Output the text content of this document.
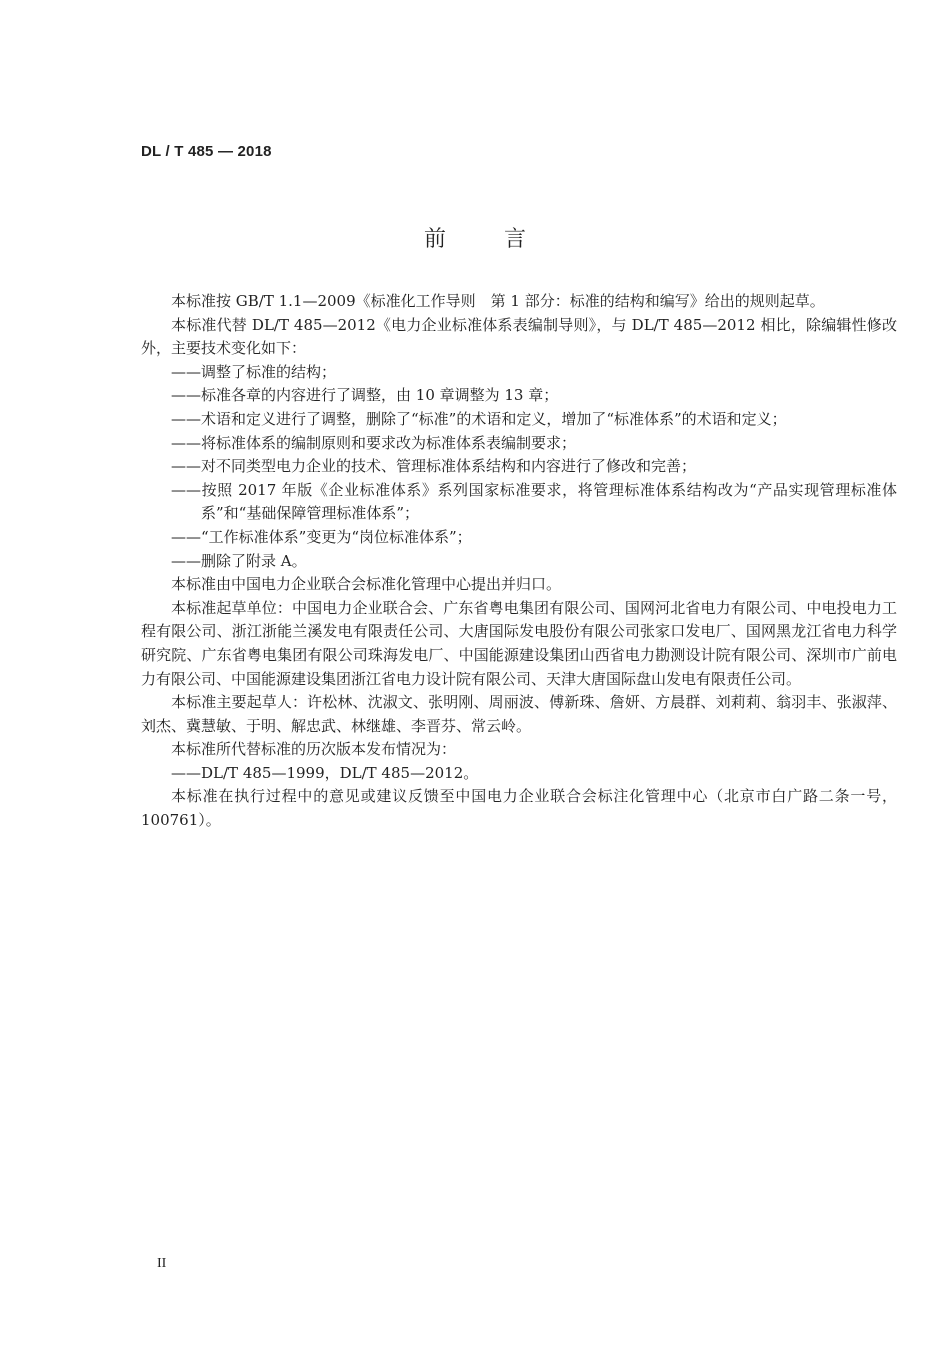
DL / T 485 — 2018
前	言

本标准按 GB/T 1.1—2009《标准化工作导则　第 1 部分：标准的结构和编写》给出的规则起草。

本标准代替 DL/T 485—2012《电力企业标准体系表编制导则》，与 DL/T 485—2012 相比，除编辑性修改外，主要技术变化如下：

——调整了标准的结构；

——标准各章的内容进行了调整，由 10 章调整为 13 章；

——术语和定义进行了调整，删除了“标准”的术语和定义，增加了“标准体系”的术语和定义；

——将标准体系的编制原则和要求改为标准体系表编制要求；

——对不同类型电力企业的技术、管理标准体系结构和内容进行了修改和完善；

——按照 2017 年版《企业标准体系》系列国家标准要求，将管理标准体系结构改为“产品实现管理标准体系”和“基础保障管理标准体系”；

——“工作标准体系”变更为“岗位标准体系”；

——删除了附录 A。

本标准由中国电力企业联合会标准化管理中心提出并归口。

本标准起草单位：中国电力企业联合会、广东省粤电集团有限公司、国网河北省电力有限公司、中电投电力工程有限公司、浙江浙能兰溪发电有限责任公司、大唐国际发电股份有限公司张家口发电厂、国网黑龙江省电力科学研究院、广东省粤电集团有限公司珠海发电厂、中国能源建设集团山西省电力勘测设计院有限公司、深圳市广前电力有限公司、中国能源建设集团浙江省电力设计院有限公司、天津大唐国际盘山发电有限责任公司。

本标准主要起草人：许松林、沈淑文、张明刚、周丽波、傅新珠、詹妍、方晨群、刘莉莉、翁羽丰、张淑萍、刘杰、冀慧敏、于明、解忠武、林继雄、李晋芬、常云岭。

本标准所代替标准的历次版本发布情况为：

——DL/T 485—1999，DL/T 485—2012。

本标准在执行过程中的意见或建议反馈至中国电力企业联合会标注化管理中心（北京市白广路二条一号，100761）。

II
